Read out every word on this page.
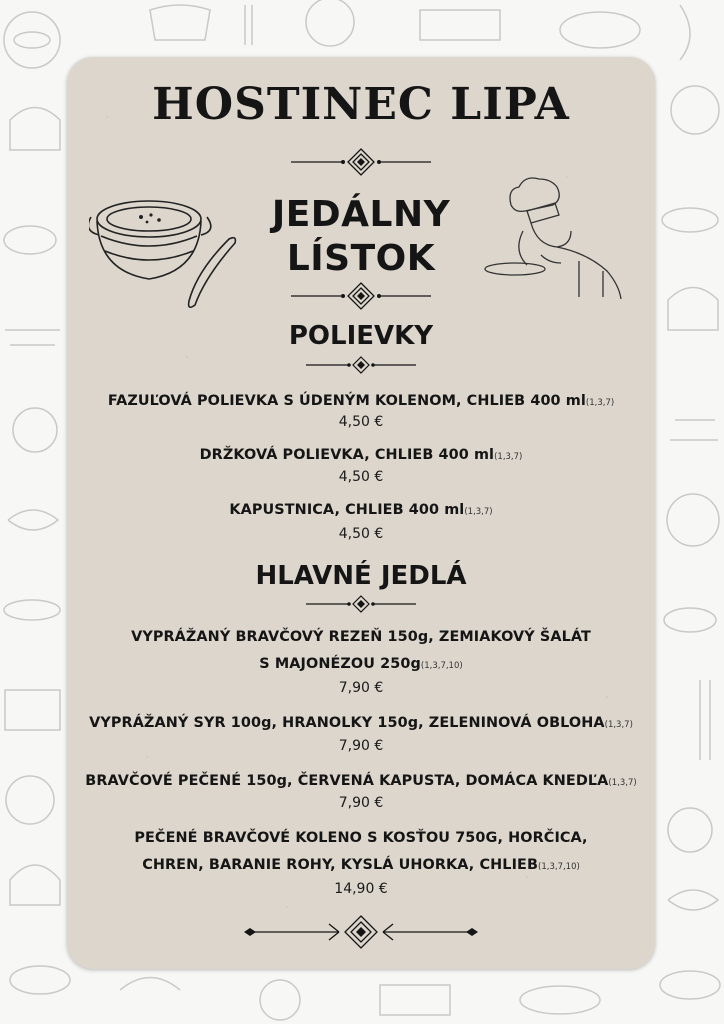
HOSTINEC LIPA
JEDÁLNY
LÍSTOK
POLIEVKY
FAZUĽOVÁ POLIEVKA S ÚDENÝM KOLENOM, CHLIEB 400 ml(1,3,7)
4,50 €
DRŽKOVÁ POLIEVKA, CHLIEB 400 ml(1,3,7)
4,50 €
KAPUSTNICA, CHLIEB 400 ml(1,3,7)
4,50 €
HLAVNÉ JEDLÁ
VYPRÁŽANÝ BRAVČOVÝ REZEŇ 150g, ZEMIAKOVÝ ŠALÁT
S MAJONÉZOU 250g(1,3,7,10)
7,90 €
VYPRÁŽANÝ SYR 100g, HRANOLKY 150g, ZELENINOVÁ OBLOHA(1,3,7)
7,90 €
BRAVČOVÉ PEČENÉ 150g, ČERVENÁ KAPUSTA, DOMÁCA KNEDĽA(1,3,7)
7,90 €
PEČENÉ BRAVČOVÉ KOLENO S KOSŤOU 750G, HORČICA,
CHREN, BARANIE ROHY, KYSLÁ UHORKA, CHLIEB(1,3,7,10)
14,90 €
